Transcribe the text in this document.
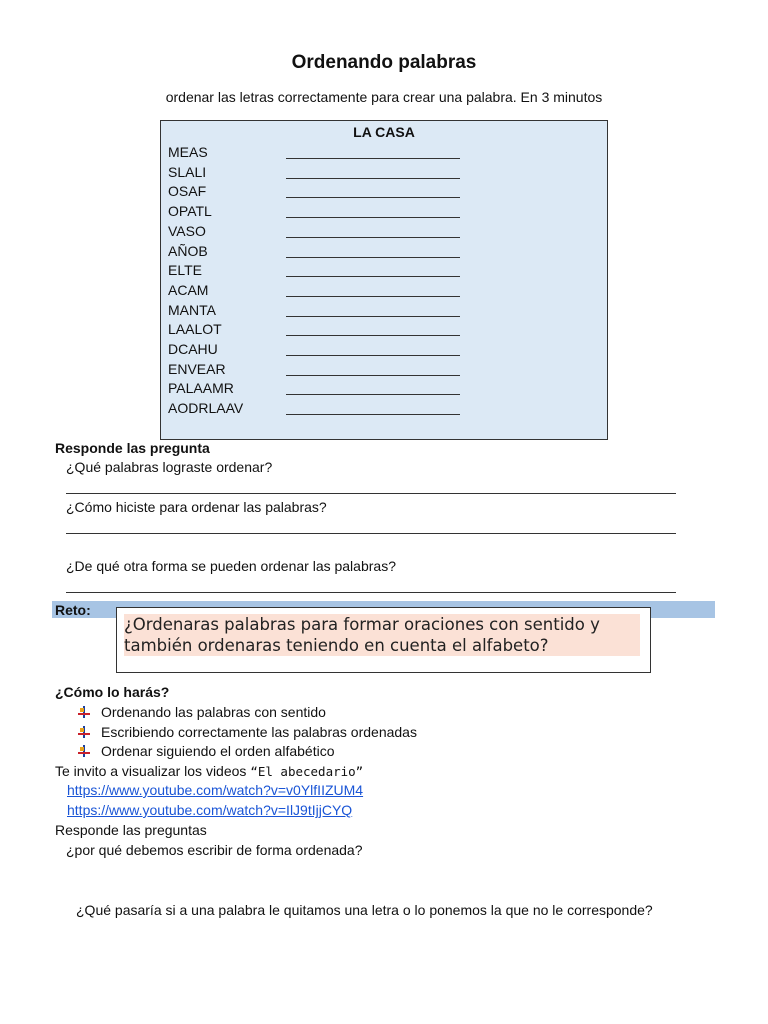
Ordenando palabras
ordenar las letras correctamente para crear una palabra. En 3 minutos
LA CASA
MEAS
SLALI
OSAF
OPATL
VASO
AÑOB
ELTE
ACAM
MANTA
LAALOT
DCAHU
ENVEAR
PALAAMR
AODRLAAV
Responde las pregunta
¿Qué palabras lograste ordenar?
¿Cómo hiciste para ordenar las palabras?
¿De qué otra forma se pueden ordenar las palabras?
Reto:
¿Ordenaras palabras para formar oraciones con sentido y también ordenaras teniendo en cuenta el alfabeto?
¿Cómo lo harás?
Ordenando las palabras con sentido
Escribiendo correctamente las palabras ordenadas
Ordenar siguiendo el orden alfabético
Te invito a visualizar los videos “El abecedario”
https://www.youtube.com/watch?v=v0YlfIIZUM4
https://www.youtube.com/watch?v=IlJ9tIjjCYQ
Responde las preguntas
¿por qué debemos escribir de forma ordenada?
¿Qué pasaría si a una palabra le quitamos una letra o lo ponemos la que no le corresponde?
